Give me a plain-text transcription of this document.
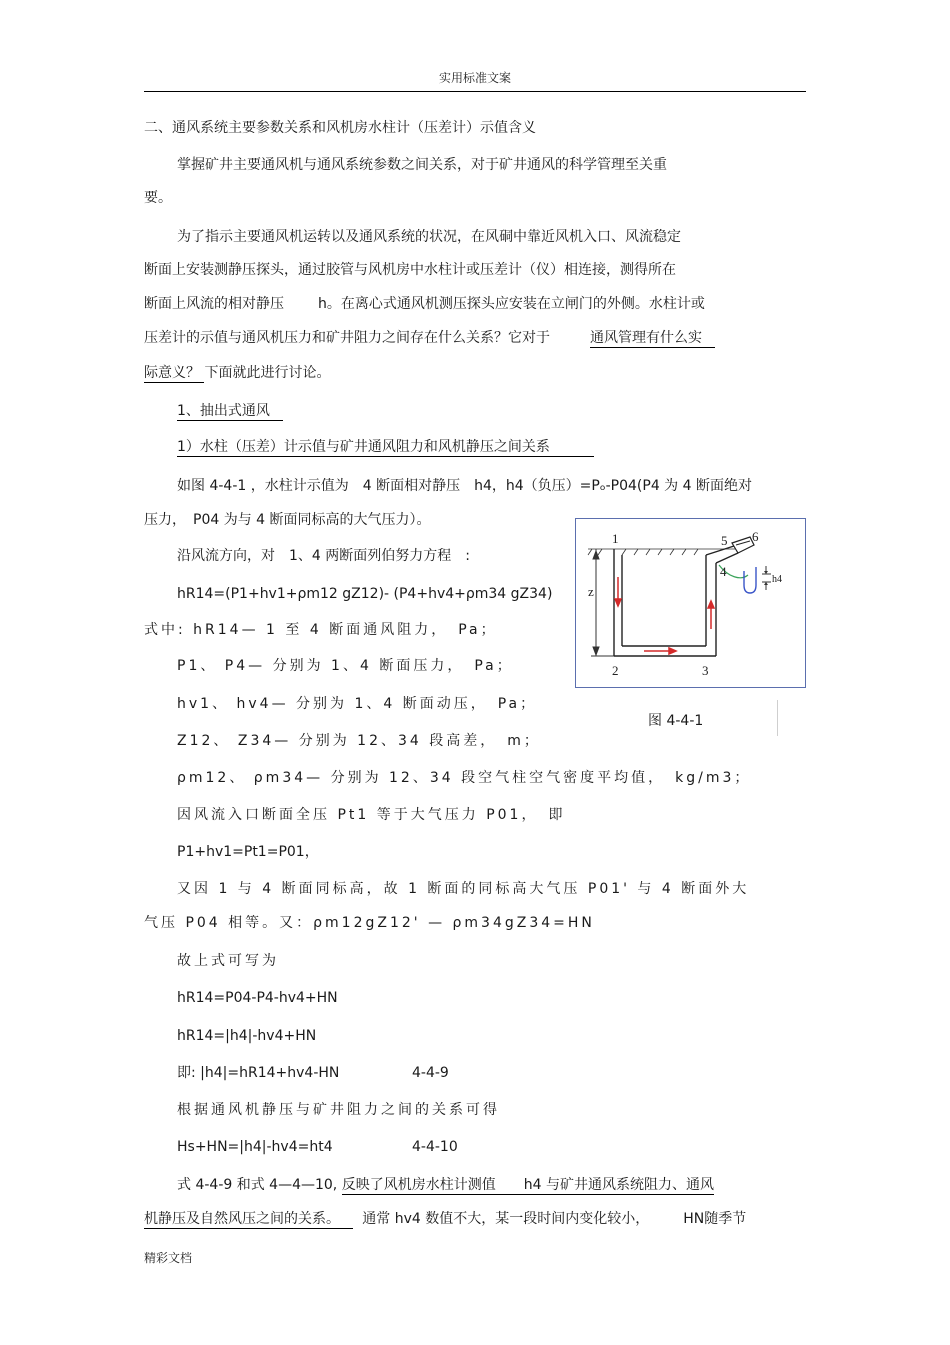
实用标准文案
二、通风系统主要参数关系和风机房水柱计（压差计）示值含义
掌握矿井主要通风机与通风系统参数之间关系，对于矿井通风的科学管理至关重
要。
为了指示主要通风机运转以及通风系统的状况，在风硐中靠近风机入口、风流稳定
断面上安装测静压探头，通过胶管与风机房中水柱计或压差计（仪）相连接，测得所在
断面上风流的相对静压 h。在离心式通风机测压探头应安装在立闸门的外侧。水柱计或
压差计的示值与通风机压力和矿井阻力之间存在什么关系？它对于	通风管理有什么实
际意义？ 下面就此进行讨论。
1、抽出式通风
1）水柱（压差）计示值与矿井通风阻力和风机静压之间关系
如图 4-4-1 ，水柱计示值为　4 断面相对静压　h4，h4（负压）=Pₒ-P04(P4 为 4 断面绝对
压力，　P04 为与 4 断面同标高的大气压力）。
沿风流方向，对　1、4 两断面列伯努力方程　:
hR14=(P1+hv1+ρm12 gZ12)- (P4+hv4+ρm34 gZ34)
式中: hR14— 1 至 4 断面通风阻力，　Pa；
P1、 P4— 分别为 1、4 断面压力，　Pa；
hv1、 hv4— 分别为 1、4 断面动压，　Pa；
Z12、 Z34— 分别为 12、34 段高差，　m；
ρm12、 ρm34— 分别为 12、34 段空气柱空气密度平均值，　kg/m3；
因风流入口断面全压 Pt1 等于大气压力 P01，　即
P1+hv1=Pt1=P01，
又因 1 与 4 断面同标高，故 1 断面的同标高大气压 P01' 与 4 断面外大
气压 P04 相等。又：ρm12gZ12' — ρm34gZ34=HN
故上式可写为
hR14=P04-P4-hv4+HN
hR14=|h4|-hv4+HN
即: |h4|=hR14+hv4-HN	4-4-9
根据通风机静压与矿井阻力之间的关系可得
Hs+HN=|h4|-hv4=ht4	4-4-10
式 4-4-9 和式 4—4—10, 反映了风机房水柱计测值　　h4 与矿井通风系统阻力、通风
机静压及自然风压之间的关系。 通常 hv4 数值不大，某一段时间内变化较小， HN随季节
1
2	3
4
5 6
z
h4
图 4-4-1
精彩文档
